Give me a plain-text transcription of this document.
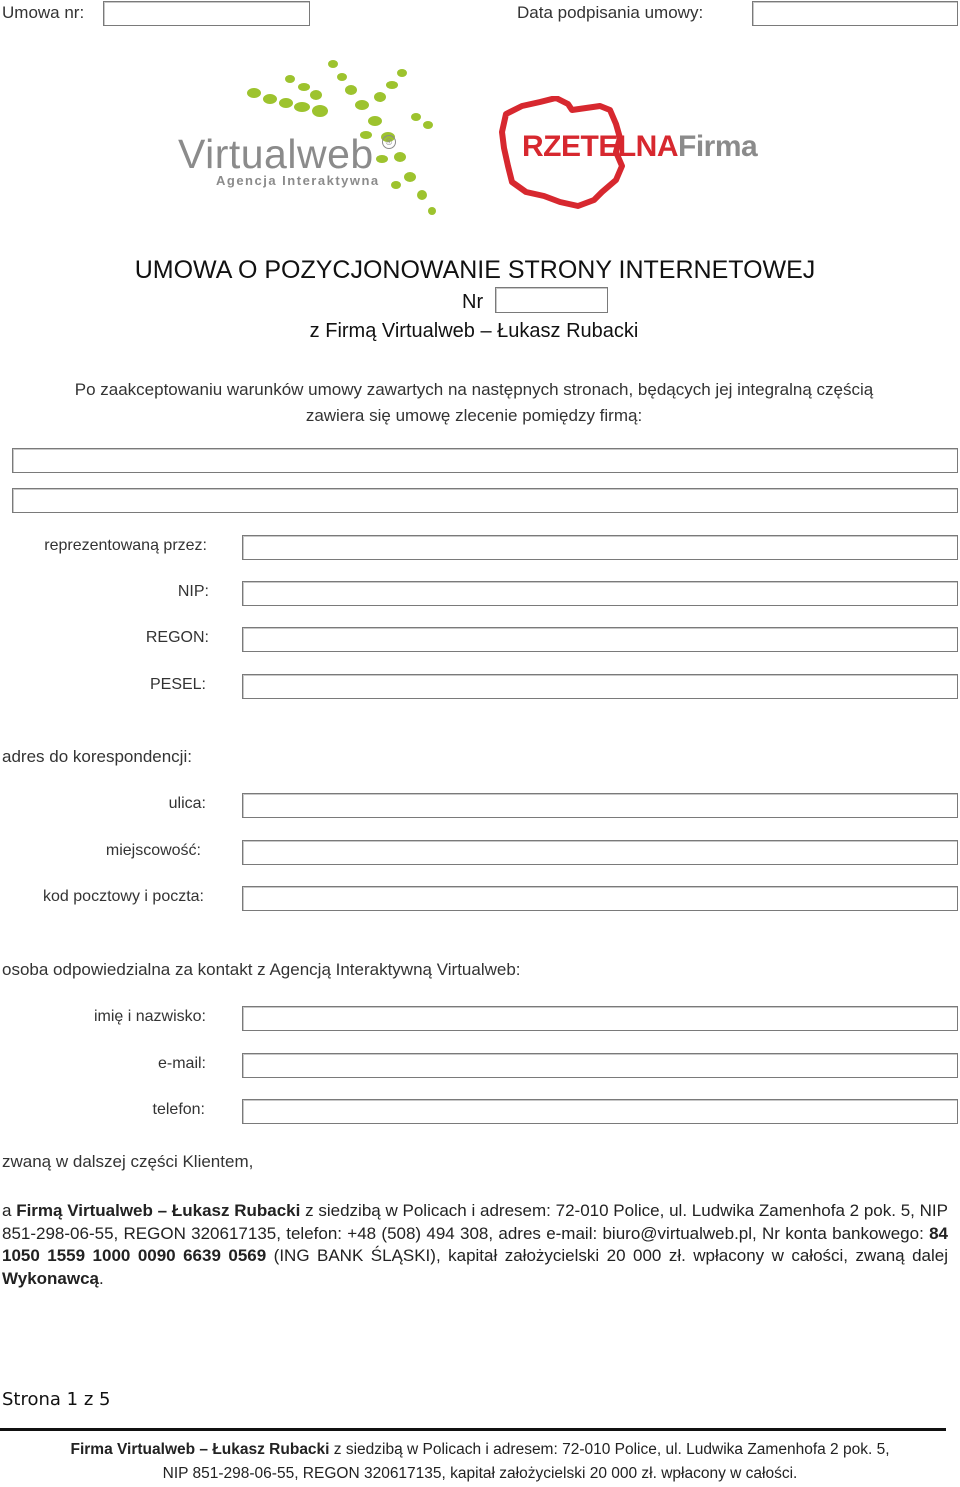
Umowa nr:	Data podpisania umowy:
Virtualweb	®
Agencja Interaktywna
RZETELNA Firma
UMOWA O POZYCJONOWANIE STRONY INTERNETOWEJ
Nr
z Firmą Virtualweb – Łukasz Rubacki
Po zaakceptowaniu warunków umowy zawartych na następnych stronach, będących jej integralną częścią
zawiera się umowę zlecenie pomiędzy firmą:
reprezentowaną przez:
NIP:
REGON:
PESEL:
adres do korespondencji:
ulica:
miejscowość:
kod pocztowy i poczta:
osoba odpowiedzialna za kontakt z Agencją Interaktywną Virtualweb:
imię i nazwisko:
e-mail:
telefon:
zwaną w dalszej części Klientem,
a Firmą Virtualweb – Łukasz Rubacki z siedzibą w Policach i adresem: 72-010 Police, ul. Ludwika Zamenhofa 2 pok. 5, NIP 851-298-06-55, REGON 320617135, telefon: +48 (508) 494 308, adres e-mail: biuro@virtualweb.pl, Nr konta bankowego: 84 1050 1559 1000 0090 6639 0569 (ING BANK ŚLĄSKI), kapitał założycielski 20 000 zł. wpłacony w całości, zwaną dalej Wykonawcą.
Strona 1 z 5
Firma Virtualweb – Łukasz Rubacki z siedzibą w Policach i adresem: 72-010 Police, ul. Ludwika Zamenhofa 2 pok. 5,
NIP 851-298-06-55, REGON 320617135, kapitał założycielski 20 000 zł. wpłacony w całości.
